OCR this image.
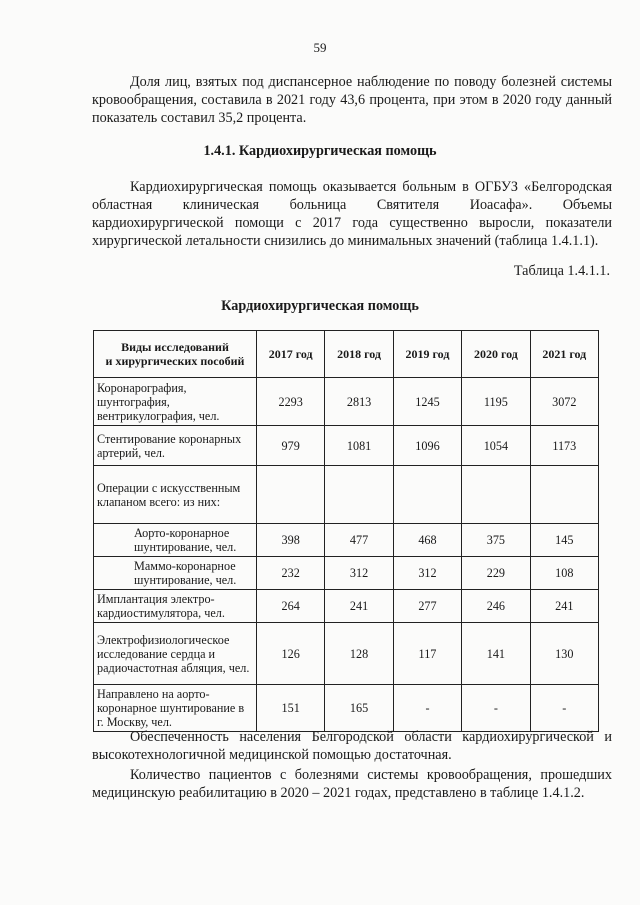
59

Доля лиц, взятых под диспансерное наблюдение по поводу болезней системы кровообращения, составила в 2021 году 43,6 процента, при этом в 2020 году данный показатель составил 35,2 процента.

1.4.1. Кардиохирургическая помощь

Кардиохирургическая помощь оказывается больным в ОГБУЗ «Белгородская областная клиническая больница Святителя Иоасафа». Объемы кардиохирургической помощи с 2017 года существенно выросли, показатели хирургической летальности снизились до минимальных значений (таблица 1.4.1.1).

Таблица 1.4.1.1.
Кардиохирургическая помощь
Виды исследований
и хирургических пособий	2017 год	2018 год	2019 год	2020 год	2021 год
Коронарография, шунтография, вентрикулография, чел.	2293	2813	1245	1195	3072
Стентирование коронарных артерий, чел.	979	1081	1096	1054	1173
Операции с искусственным клапаном всего: из них:					
Аорто-коронарное шунтирование, чел.	398	477	468	375	145
Маммо-коронарное шунтирование, чел.	232	312	312	229	108
Имплантация электро-кардиостимулятора, чел.	264	241	277	246	241
Электрофизиологическое исследование сердца и радиочастотная абляция, чел.	126	128	117	141	130
Направлено на аорто-коронарное шунтирование в г. Москву, чел.	151	165	-	-	-

Обеспеченность населения Белгородской области кардиохирургической и высокотехнологичной медицинской помощью достаточная.

Количество пациентов с болезнями системы кровообращения, прошедших медицинскую реабилитацию в 2020 – 2021 годах, представлено в таблице 1.4.1.2.
